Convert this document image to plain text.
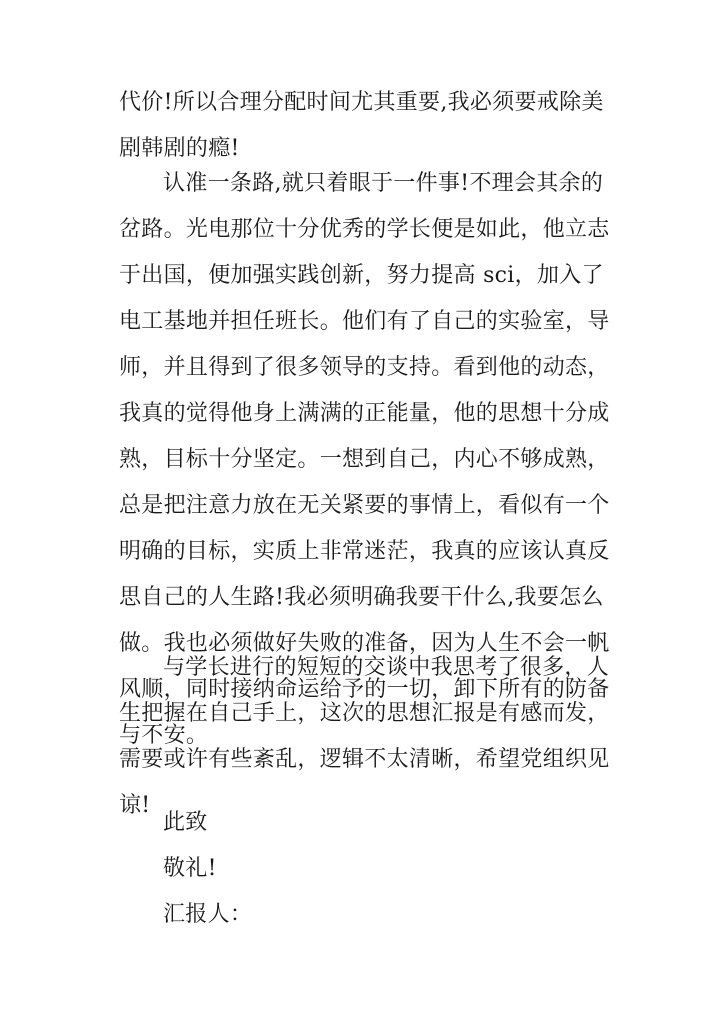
代价!所以合理分配时间尤其重要,我必须要戒除美
剧韩剧的瘾!
认准一条路,就只着眼于一件事!不理会其余的
岔路。光电那位十分优秀的学长便是如此，他立志
于出国，便加强实践创新，努力提高 sci，加入了
电工基地并担任班长。他们有了自己的实验室，导
师，并且得到了很多领导的支持。看到他的动态，
我真的觉得他身上满满的正能量，他的思想十分成
熟，目标十分坚定。一想到自己，内心不够成熟，
总是把注意力放在无关紧要的事情上，看似有一个
明确的目标，实质上非常迷茫，我真的应该认真反
思自己的人生路!我必须明确我要干什么,我要怎么
做。我也必须做好失败的准备，因为人生不会一帆
风顺，同时接纳命运给予的一切，卸下所有的防备
与不安。
与学长进行的短短的交谈中我思考了很多，人
生把握在自己手上，这次的思想汇报是有感而发，
需要或许有些紊乱，逻辑不太清晰，希望党组织见
谅!
此致
敬礼!
汇报人：
